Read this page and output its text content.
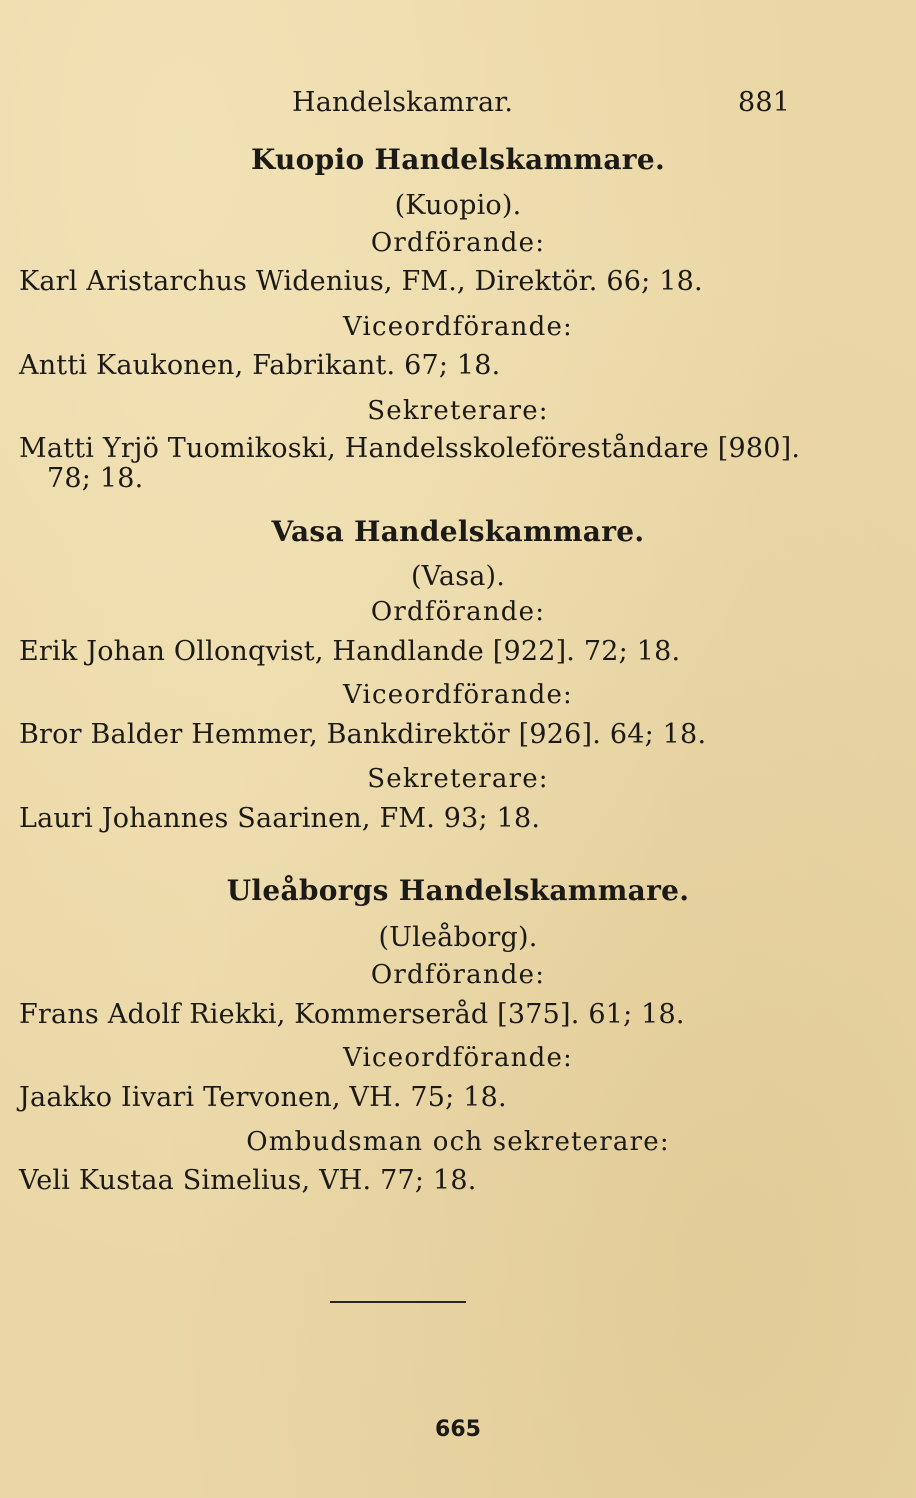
Handelskamrar.	881
Kuopio Handelskammare.
(Kuopio).
Ordförande:
Karl Aristarchus Widenius, FM., Direktör. 66; 18.
Viceordförande:
Antti Kaukonen, Fabrikant. 67; 18.
Sekreterare:
Matti Yrjö Tuomikoski, Handelsskoleföreståndare [980].
78; 18.
Vasa Handelskammare.
(Vasa).
Ordförande:
Erik Johan Ollonqvist, Handlande [922]. 72; 18.
Viceordförande:
Bror Balder Hemmer, Bankdirektör [926]. 64; 18.
Sekreterare:
Lauri Johannes Saarinen, FM. 93; 18.
Uleåborgs Handelskammare.
(Uleåborg).
Ordförande:
Frans Adolf Riekki, Kommerseråd [375]. 61; 18.
Viceordförande:
Jaakko Iivari Tervonen, VH. 75; 18.
Ombudsman och sekreterare:
Veli Kustaa Simelius, VH. 77; 18.
665
